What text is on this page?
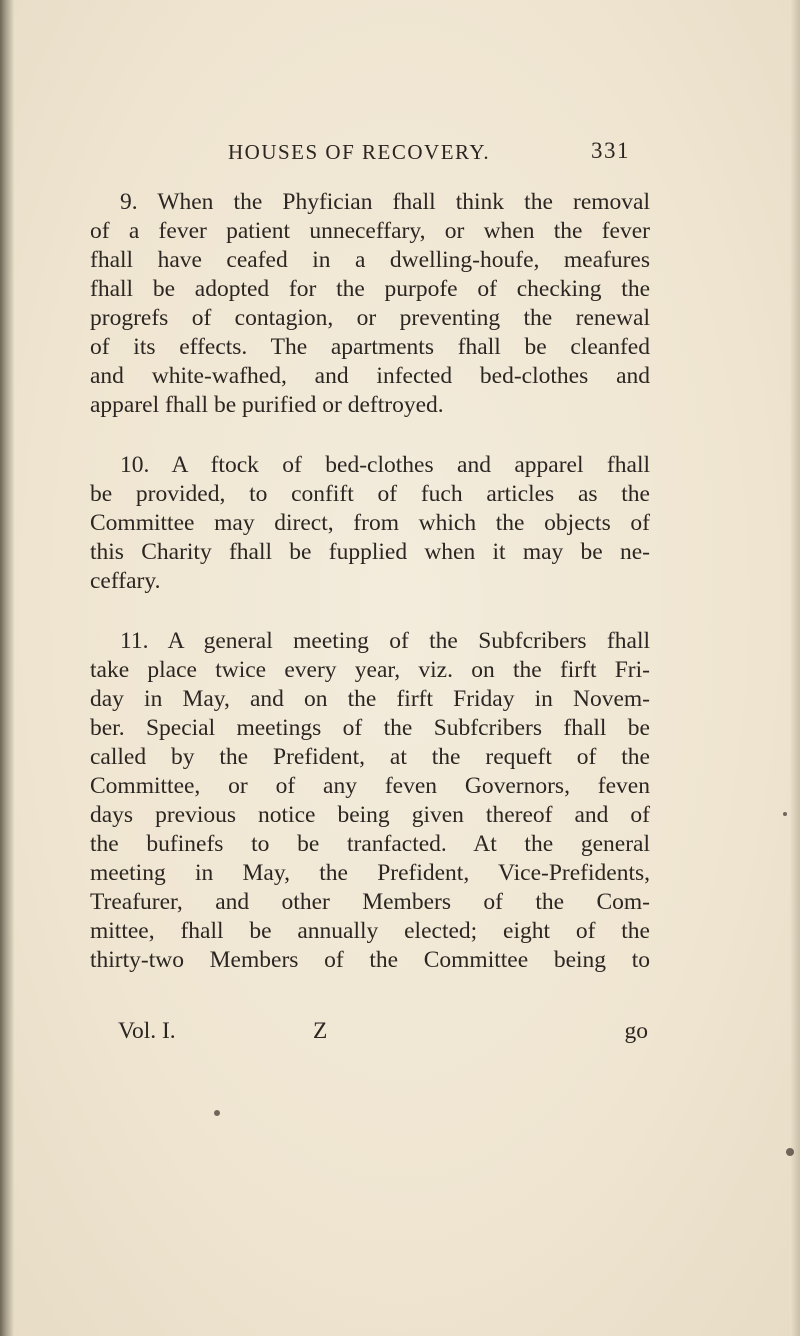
HOUSES OF RECOVERY.	331
9. When the Phyfician fhall think the removal
of a fever patient unneceffary, or when the fever
fhall have ceafed in a dwelling-houfe, meafures
fhall be adopted for the purpofe of checking the
progrefs of contagion, or preventing the renewal
of its effects. The apartments fhall be cleanfed
and white-wafhed, and infected bed-clothes and
apparel fhall be purified or deftroyed.
10. A ftock of bed-clothes and apparel fhall
be provided, to confift of fuch articles as the
Committee may direct, from which the objects of
this Charity fhall be fupplied when it may be ne-
ceffary.
11. A general meeting of the Subfcribers fhall
take place twice every year, viz. on the firft Fri-
day in May, and on the firft Friday in Novem-
ber. Special meetings of the Subfcribers fhall be
called by the Prefident, at the requeft of the
Committee, or of any feven Governors, feven
days previous notice being given thereof and of
the bufinefs to be tranfacted. At the general
meeting in May, the Prefident, Vice-Prefidents,
Treafurer, and other Members of the Com-
mittee, fhall be annually elected; eight of the
thirty-two Members of the Committee being to
Vol. I.	Z	go
